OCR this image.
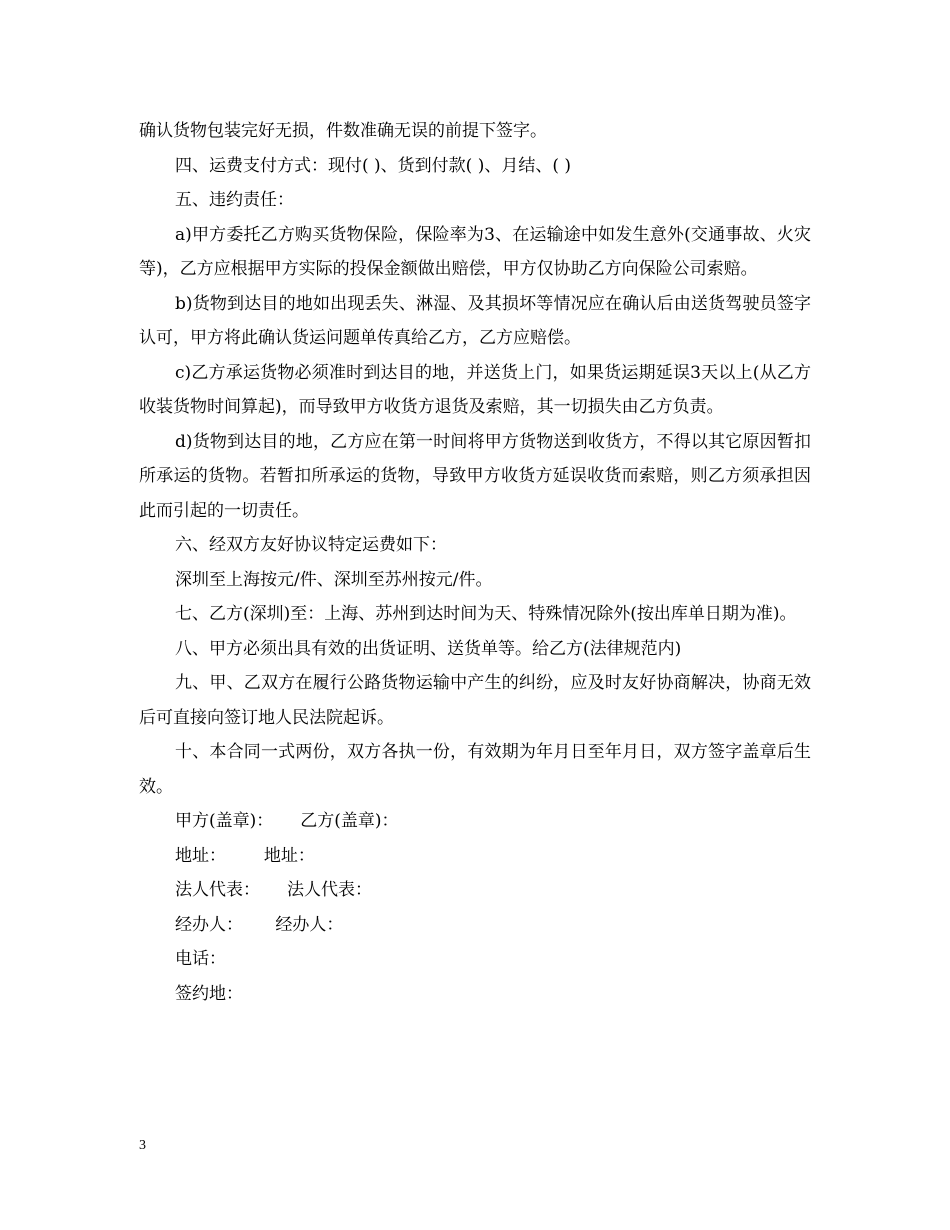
确认货物包装完好无损，件数准确无误的前提下签字。

四、运费支付方式：现付( )、货到付款( )、月结、( )

五、违约责任：

a)甲方委托乙方购买货物保险，保险率为3、在运输途中如发生意外(交通事故、火灾等)，乙方应根据甲方实际的投保金额做出赔偿，甲方仅协助乙方向保险公司索赔。

b)货物到达目的地如出现丢失、淋湿、及其损坏等情况应在确认后由送货驾驶员签字认可，甲方将此确认货运问题单传真给乙方，乙方应赔偿。

c)乙方承运货物必须准时到达目的地，并送货上门，如果货运期延误3天以上(从乙方收装货物时间算起)，而导致甲方收货方退货及索赔，其一切损失由乙方负责。

d)货物到达目的地，乙方应在第一时间将甲方货物送到收货方，不得以其它原因暂扣所承运的货物。若暂扣所承运的货物，导致甲方收货方延误收货而索赔，则乙方须承担因此而引起的一切责任。

六、经双方友好协议特定运费如下：

深圳至上海按元/件、深圳至苏州按元/件。

七、乙方(深圳)至：上海、苏州到达时间为天、特殊情况除外(按出库单日期为准)。

八、甲方必须出具有效的出货证明、送货单等。给乙方(法律规范内)

九、甲、乙双方在履行公路货物运输中产生的纠纷，应及时友好协商解决，协商无效后可直接向签订地人民法院起诉。

十、本合同一式两份，双方各执一份，有效期为年月日至年月日，双方签字盖章后生效。

甲方(盖章)：     乙方(盖章)：

地址：       地址：

法人代表：     法人代表：

经办人：      经办人：

电话：

签约地：

3
